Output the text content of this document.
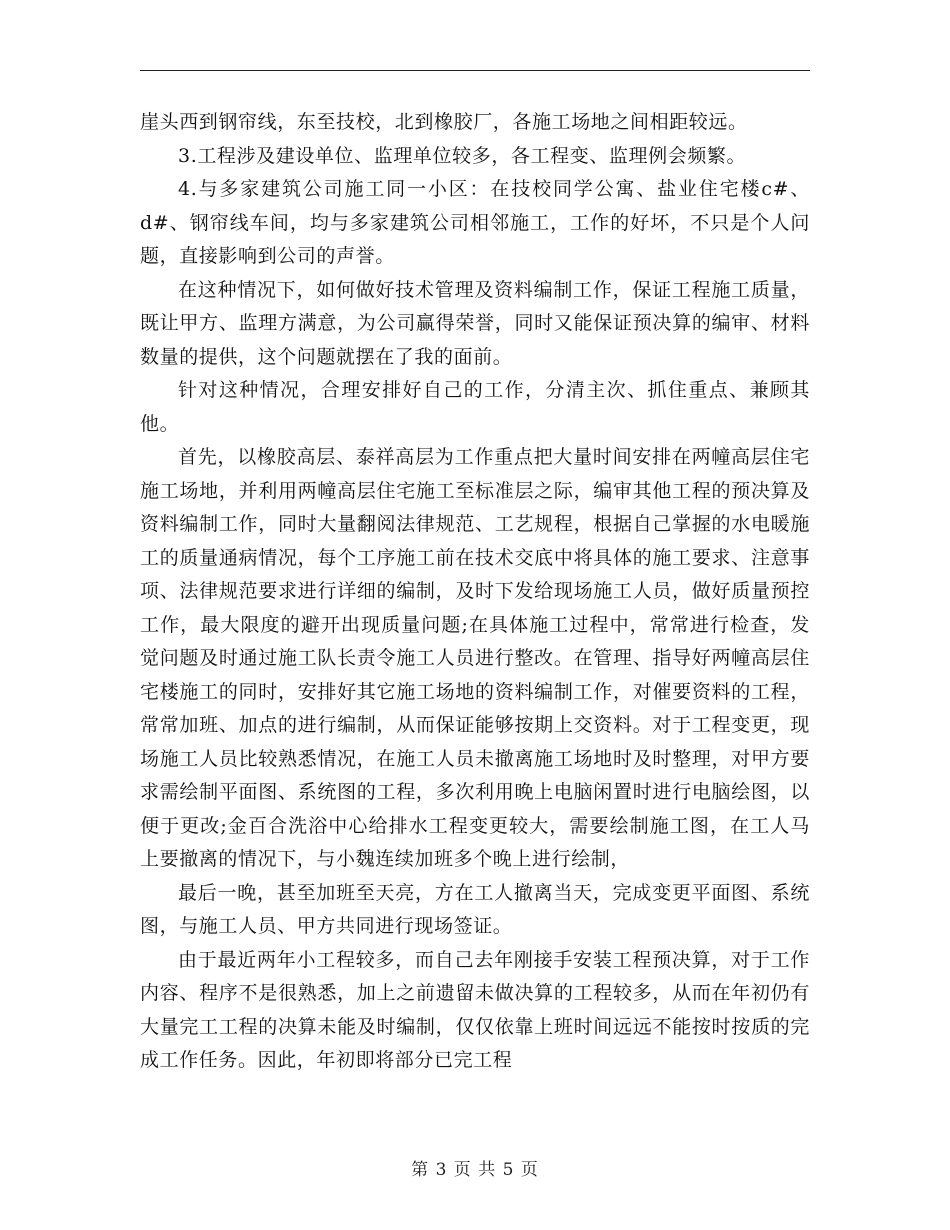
崖头西到钢帘线，东至技校，北到橡胶厂，各施工场地之间相距较远。

3.工程涉及建设单位、监理单位较多，各工程变、监理例会频繁。

4.与多家建筑公司施工同一小区：在技校同学公寓、盐业住宅楼c#、d#、钢帘线车间，均与多家建筑公司相邻施工，工作的好坏，不只是个人问题，直接影响到公司的声誉。

在这种情况下，如何做好技术管理及资料编制工作，保证工程施工质量，既让甲方、监理方满意，为公司赢得荣誉，同时又能保证预决算的编审、材料数量的提供，这个问题就摆在了我的面前。

针对这种情况，合理安排好自己的工作，分清主次、抓住重点、兼顾其他。

首先，以橡胶高层、泰祥高层为工作重点把大量时间安排在两幢高层住宅施工场地，并利用两幢高层住宅施工至标准层之际，编审其他工程的预决算及资料编制工作，同时大量翻阅法律规范、工艺规程，根据自己掌握的水电暖施工的质量通病情况，每个工序施工前在技术交底中将具体的施工要求、注意事项、法律规范要求进行详细的编制，及时下发给现场施工人员，做好质量预控工作，最大限度的避开出现质量问题;在具体施工过程中，常常进行检查，发觉问题及时通过施工队长责令施工人员进行整改。在管理、指导好两幢高层住宅楼施工的同时，安排好其它施工场地的资料编制工作，对催要资料的工程，常常加班、加点的进行编制，从而保证能够按期上交资料。对于工程变更，现场施工人员比较熟悉情况，在施工人员未撤离施工场地时及时整理，对甲方要求需绘制平面图、系统图的工程，多次利用晚上电脑闲置时进行电脑绘图，以便于更改;金百合洗浴中心给排水工程变更较大，需要绘制施工图，在工人马上要撤离的情况下，与小魏连续加班多个晚上进行绘制，

最后一晚，甚至加班至天亮，方在工人撤离当天，完成变更平面图、系统图，与施工人员、甲方共同进行现场签证。

由于最近两年小工程较多，而自己去年刚接手安装工程预决算，对于工作内容、程序不是很熟悉，加上之前遗留未做决算的工程较多，从而在年初仍有大量完工工程的决算未能及时编制，仅仅依靠上班时间远远不能按时按质的完成工作任务。因此，年初即将部分已完工程

第 3 页 共 5 页
